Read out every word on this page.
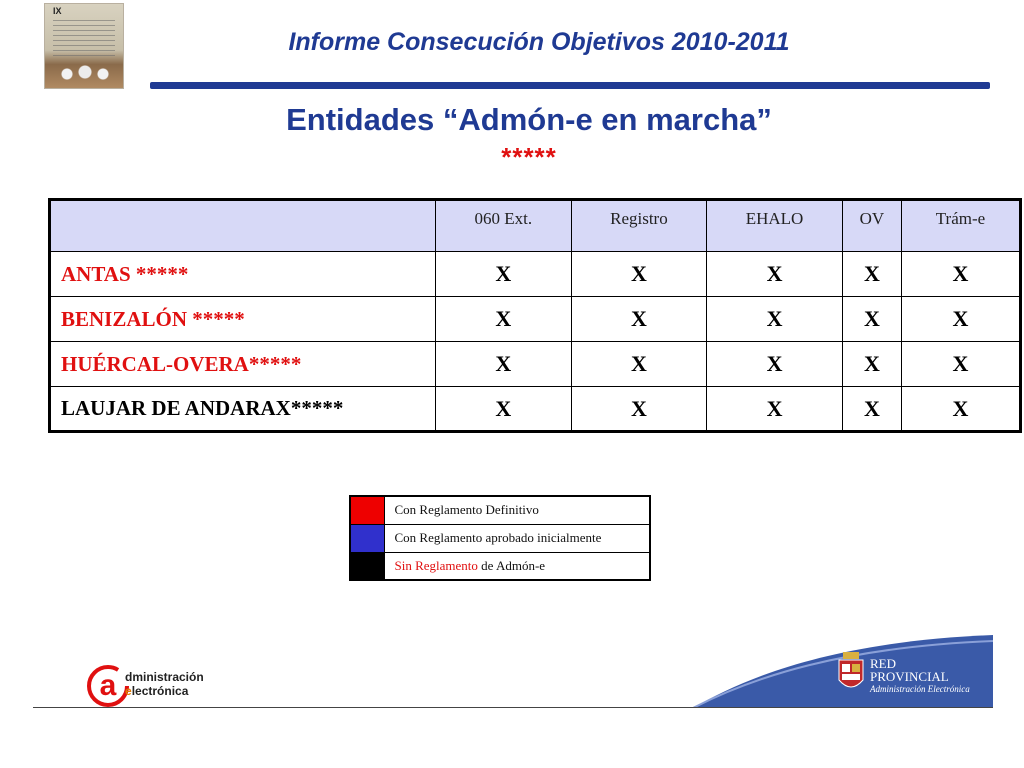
IX
Informe Consecución Objetivos 2010-2011
Entidades “Admón-e en marcha”
*****
	060 Ext.	Registro	EHALO	OV	Trám-e
ANTAS *****	X	X	X	X	X
BENIZALÓN *****	X	X	X	X	X
HUÉRCAL-OVERA*****	X	X	X	X	X
LAUJAR DE ANDARAX*****	X	X	X	X	X
	Con Reglamento Definitivo
	Con Reglamento aprobado inicialmente
	Sin Reglamento de Admón-e
a dministración
electrónica
RED
PROVINCIAL
Administración Electrónica
